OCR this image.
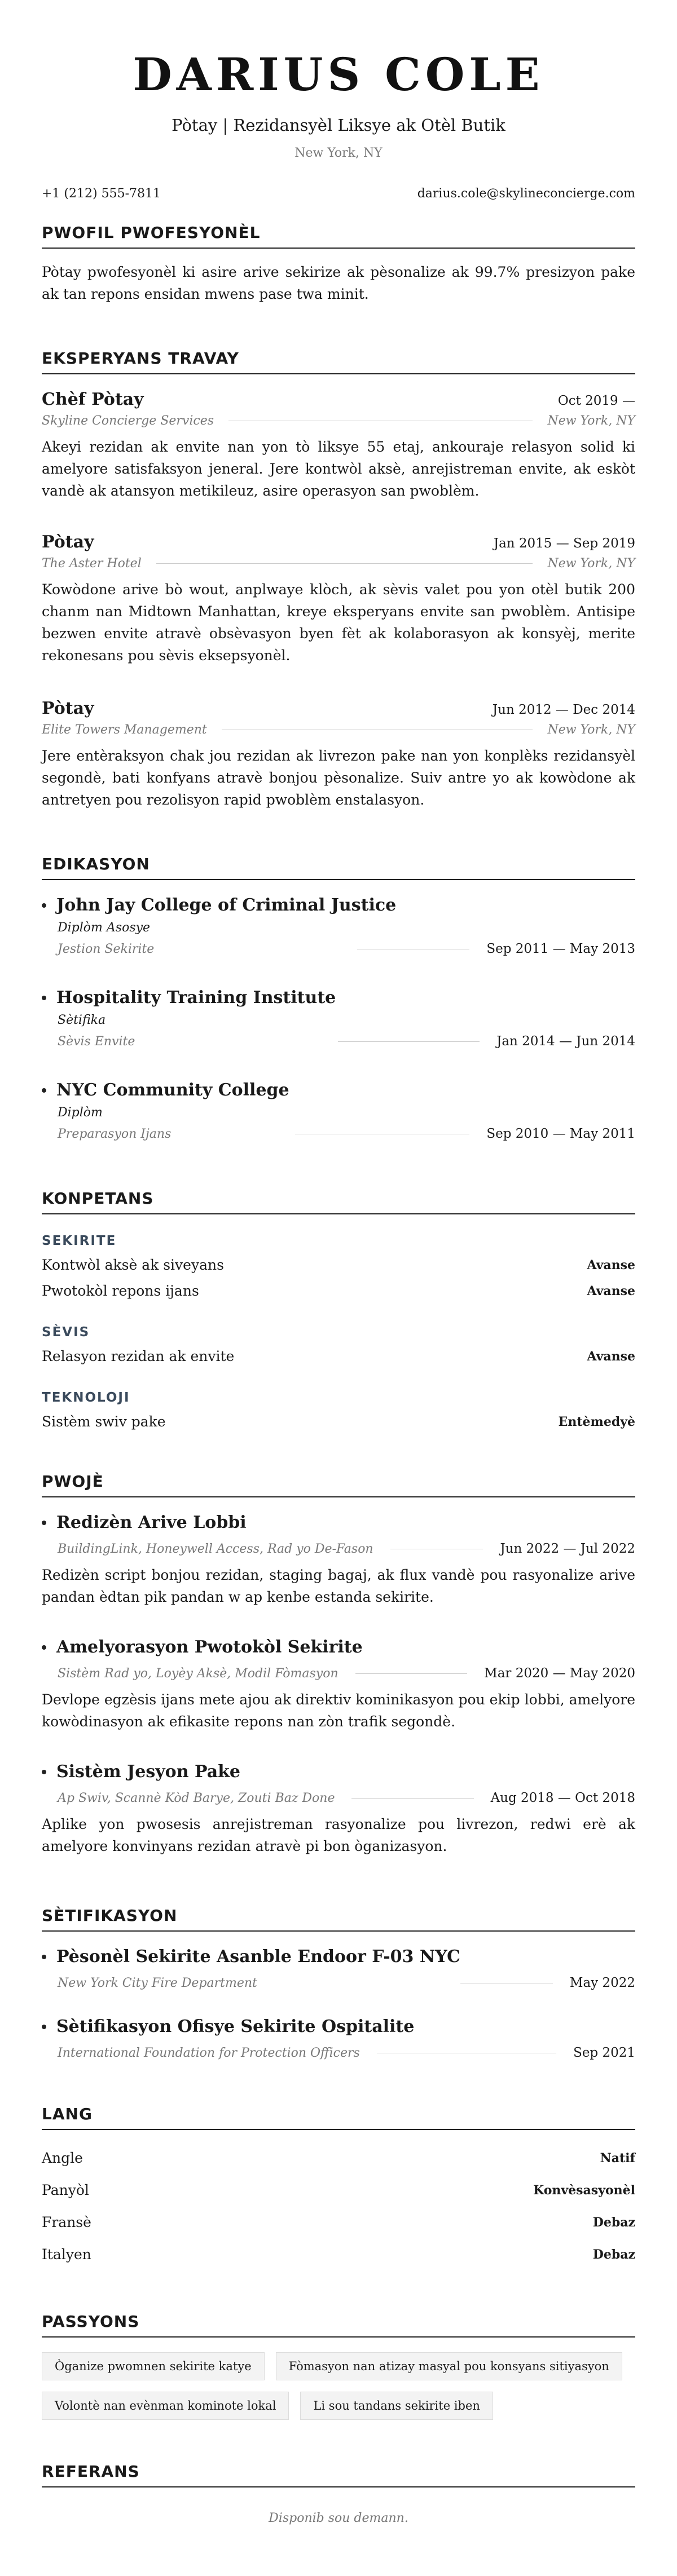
DARIUS COLE
Pòtay | Rezidansyèl Liksye ak Otèl Butik
New York, NY
+1 (212) 555-7811	darius.cole@skylineconcierge.com
PWOFIL PWOFESYONÈL

Pòtay pwofesyonèl ki asire arive sekirize ak pèsonalize ak 99.7% presizyon pake ak tan repons ensidan mwens pase twa minit.

EKSPERYANS TRAVAY
Chèf Pòtay	Oct 2019 —
Skyline Concierge Services	New York, NY

Akeyi rezidan ak envite nan yon tò liksye 55 etaj, ankouraje relasyon solid ki amelyore satisfaksyon jeneral. Jere kontwòl aksè, anrejistreman envite, ak eskòt vandè ak atansyon metikileuz, asire operasyon san pwoblèm.

Pòtay	Jan 2015 — Sep 2019
The Aster Hotel	New York, NY

Kowòdone arive bò wout, anplwaye klòch, ak sèvis valet pou yon otèl butik 200 chanm nan Midtown Manhattan, kreye eksperyans envite san pwoblèm. Antisipe bezwen envite atravè obsèvasyon byen fèt ak kolaborasyon ak konsyèj, merite rekonesans pou sèvis eksepsyonèl.

Pòtay	Jun 2012 — Dec 2014
Elite Towers Management	New York, NY

Jere entèraksyon chak jou rezidan ak livrezon pake nan yon konplèks rezidansyèl segondè, bati konfyans atravè bonjou pèsonalize. Suiv antre yo ak kowòdone ak antretyen pou rezolisyon rapid pwoblèm enstalasyon.

EDIKASYON
John Jay College of Criminal Justice
Diplòm Asosye
Jestion Sekirite	Sep 2011 — May 2013
Hospitality Training Institute
Sètifika
Sèvis Envite	Jan 2014 — Jun 2014
NYC Community College
Diplòm
Preparasyon Ijans	Sep 2010 — May 2011
KONPETANS
SEKIRITE
Kontwòl aksè ak siveyans	Avanse
Pwotokòl repons ijans	Avanse
SÈVIS
Relasyon rezidan ak envite	Avanse
TEKNOLOJI
Sistèm swiv pake	Entèmedyè
PWOJÈ
Redizèn Arive Lobbi
BuildingLink, Honeywell Access, Rad yo De-Fason	Jun 2022 — Jul 2022

Redizèn script bonjou rezidan, staging bagaj, ak flux vandè pou rasyonalize arive pandan èdtan pik pandan w ap kenbe estanda sekirite.

Amelyorasyon Pwotokòl Sekirite
Sistèm Rad yo, Loyèy Aksè, Modil Fòmasyon	Mar 2020 — May 2020

Devlope egzèsis ijans mete ajou ak direktiv kominikasyon pou ekip lobbi, amelyore kowòdinasyon ak efikasite repons nan zòn trafik segondè.

Sistèm Jesyon Pake
Ap Swiv, Scannè Kòd Barye, Zouti Baz Done	Aug 2018 — Oct 2018

Aplike yon pwosesis anrejistreman rasyonalize pou livrezon, redwi erè ak amelyore konvinyans rezidan atravè pi bon òganizasyon.

SÈTIFIKASYON
Pèsonèl Sekirite Asanble Endoor F-03 NYC
New York City Fire Department	May 2022
Sètifikasyon Ofisye Sekirite Ospitalite
International Foundation for Protection Officers	Sep 2021
LANG
Angle	Natif
Panyòl	Konvèsasyonèl
Fransè	Debaz
Italyen	Debaz
PASSYONS
Òganize pwomnen sekirite katye	Fòmasyon nan atizay masyal pou konsyans sitiyasyon
Volontè nan evènman kominote lokal	Li sou tandans sekirite iben
REFERANS
Disponib sou demann.
